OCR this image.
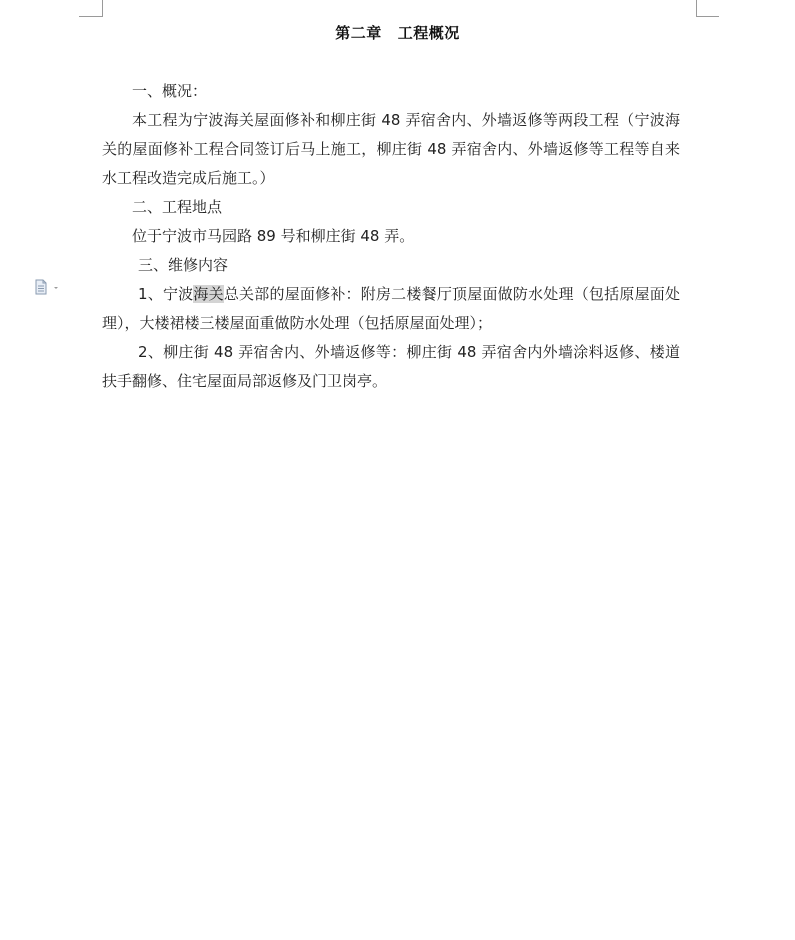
第二章 工程概况

一、概况：

本工程为宁波海关屋面修补和柳庄街 48 弄宿舍内、外墙返修等两段工程（宁波海关的屋面修补工程合同签订后马上施工，柳庄街 48 弄宿舍内、外墙返修等工程等自来水工程改造完成后施工。）

二、工程地点

位于宁波市马园路 89 号和柳庄街 48 弄。

三、维修内容

1、宁波海关总关部的屋面修补：附房二楼餐厅顶屋面做防水处理（包括原屋面处理），大楼裙楼三楼屋面重做防水处理（包括原屋面处理）；

2、柳庄街 48 弄宿舍内、外墙返修等：柳庄街 48 弄宿舍内外墙涂料返修、楼道扶手翻修、住宅屋面局部返修及门卫岗亭。
